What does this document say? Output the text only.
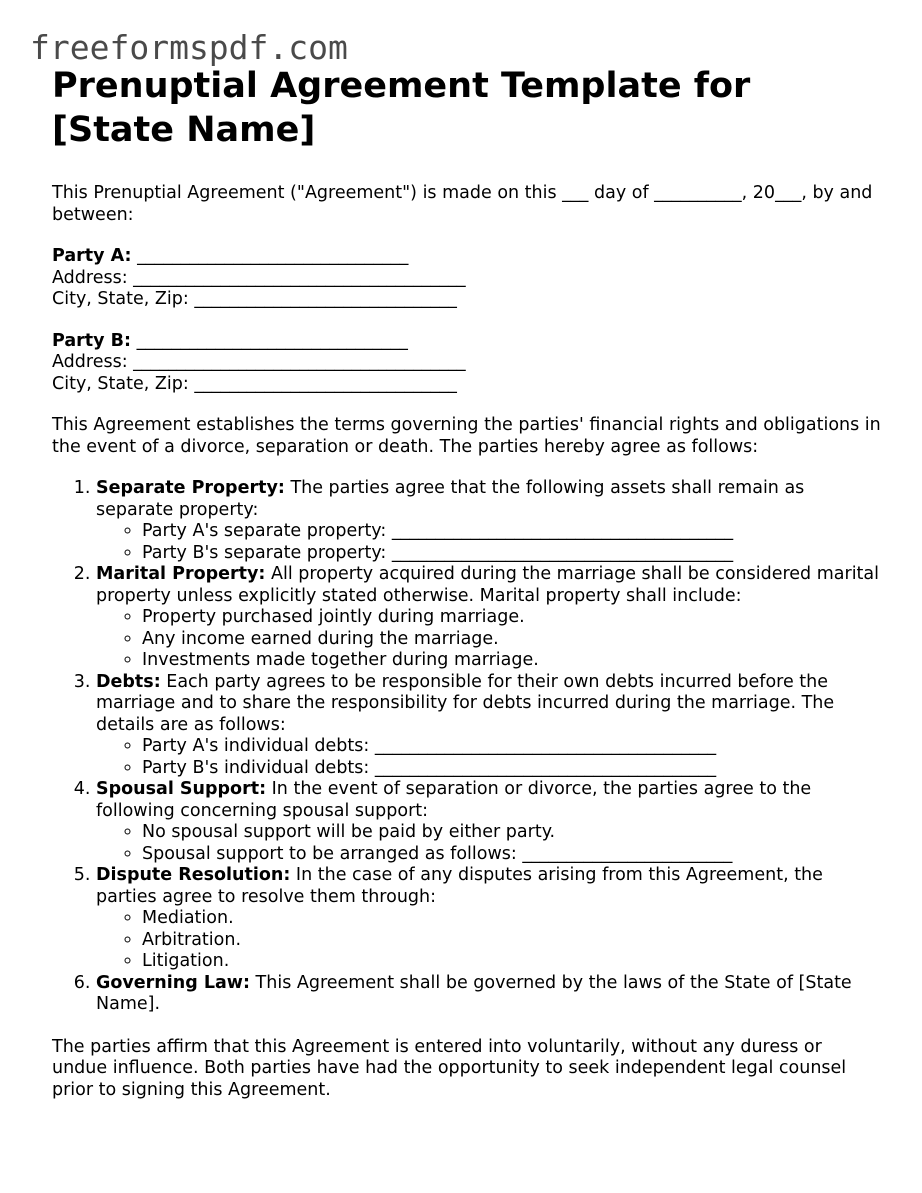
freeformspdf.com
Prenuptial Agreement Template for [State Name]

This Prenuptial Agreement ("Agreement") is made on this ___ day of __________, 20___, by and between:

Party A: _______________________________
Address: ______________________________________
City, State, Zip: ______________________________
Party B: _______________________________
Address: ______________________________________
City, State, Zip: ______________________________

This Agreement establishes the terms governing the parties' financial rights and obligations in the event of a divorce, separation or death. The parties hereby agree as follows:

1. Separate Property: The parties agree that the following assets shall remain as separate property:
◦ Party A's separate property: _______________________________________
◦ Party B's separate property: _______________________________________
2. Marital Property: All property acquired during the marriage shall be considered marital property unless explicitly stated otherwise. Marital property shall include:
◦ Property purchased jointly during marriage.
◦ Any income earned during the marriage.
◦ Investments made together during marriage.
3. Debts: Each party agrees to be responsible for their own debts incurred before the marriage and to share the responsibility for debts incurred during the marriage. The details are as follows:
◦ Party A's individual debts: _______________________________________
◦ Party B's individual debts: _______________________________________
4. Spousal Support: In the event of separation or divorce, the parties agree to the following concerning spousal support:
◦ No spousal support will be paid by either party.
◦ Spousal support to be arranged as follows: ________________________
5. Dispute Resolution: In the case of any disputes arising from this Agreement, the parties agree to resolve them through:
◦ Mediation.
◦ Arbitration.
◦ Litigation.
6. Governing Law: This Agreement shall be governed by the laws of the State of [State Name].

The parties affirm that this Agreement is entered into voluntarily, without any duress or undue influence. Both parties have had the opportunity to seek independent legal counsel prior to signing this Agreement.
